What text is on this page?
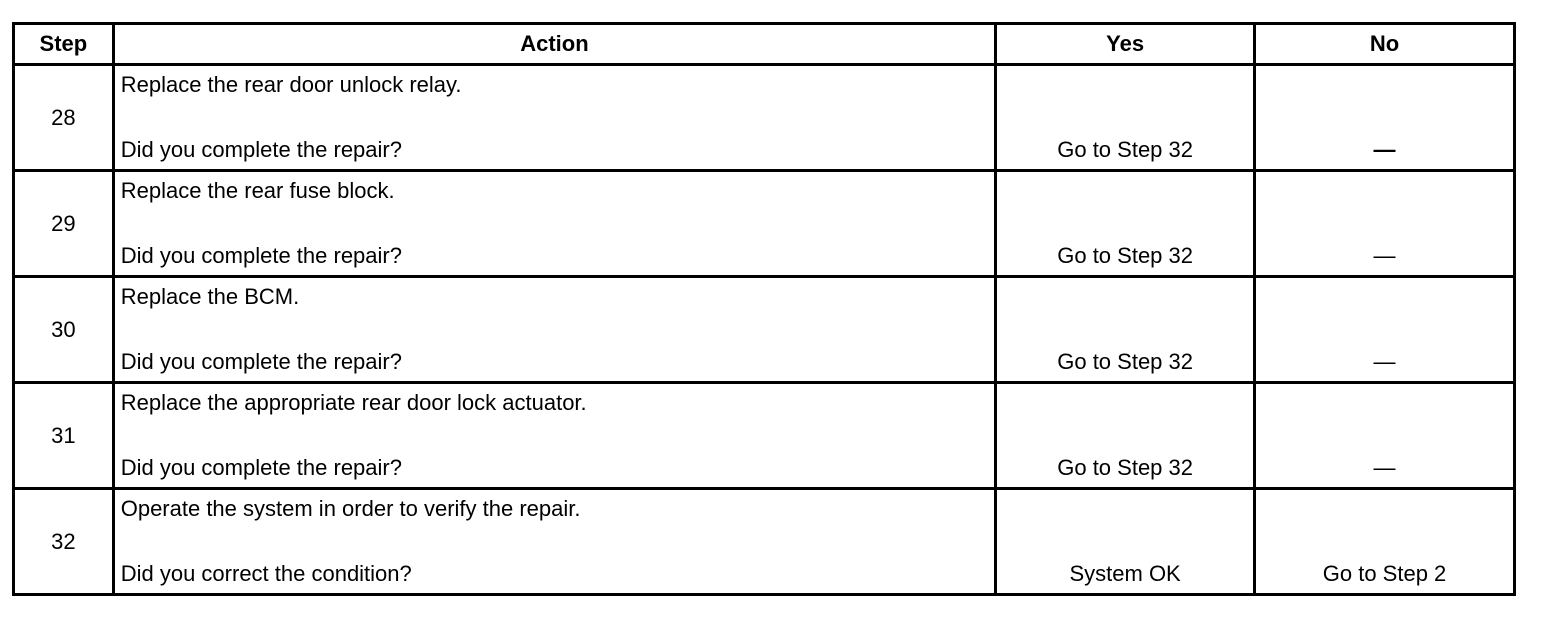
Step	Action	Yes	No
28	Replace the rear door unlock relay.
Did you complete the repair?	Go to Step 32	—

29	Replace the rear fuse block.
Did you complete the repair?	Go to Step 32	—

30	Replace the BCM.
Did you complete the repair?	Go to Step 32	—

31	Replace the appropriate rear door lock actuator.
Did you complete the repair?	Go to Step 32	—

32	Operate the system in order to verify the repair.
Did you correct the condition?	System OK	Go to Step 2
